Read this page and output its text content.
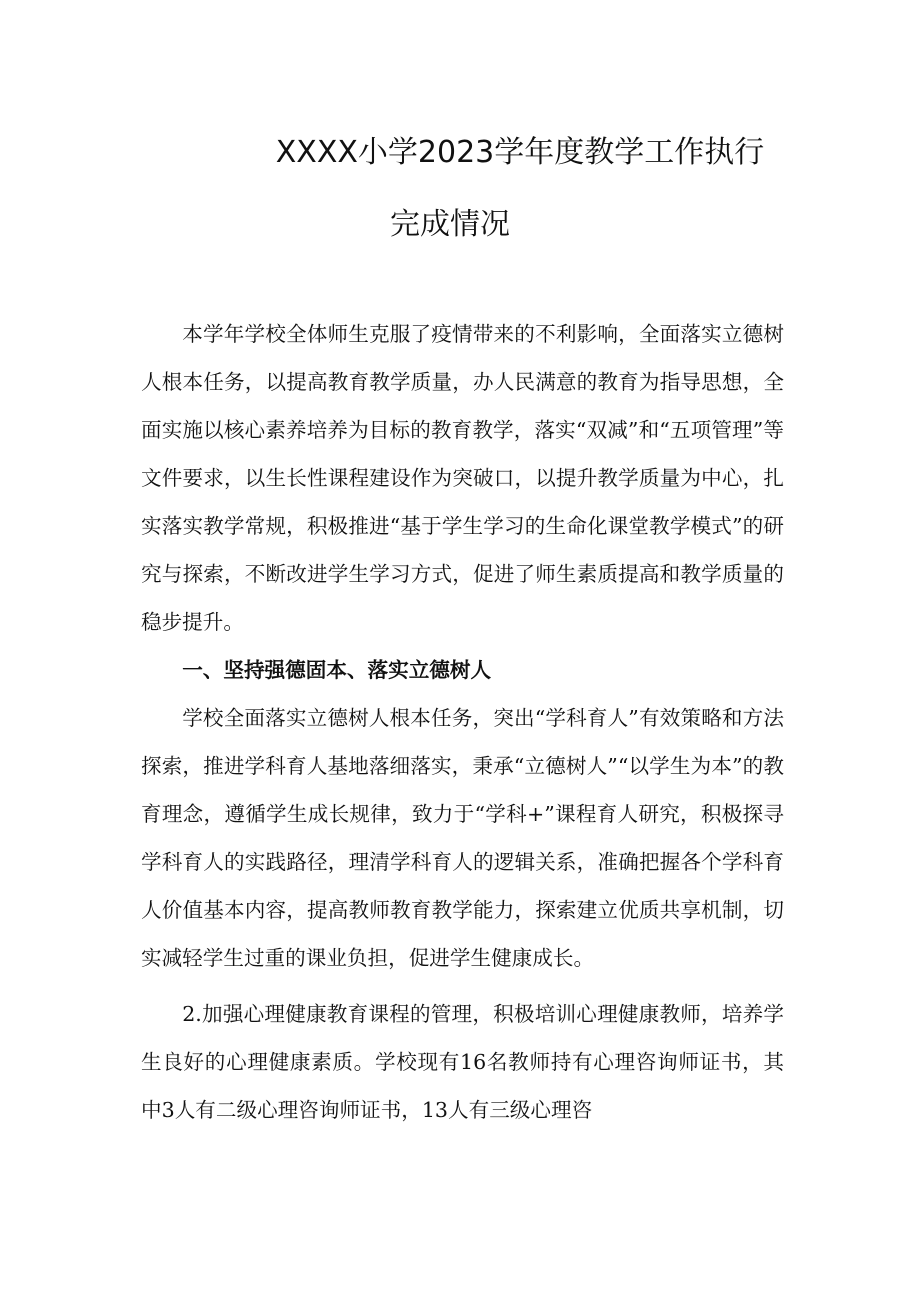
XXXX小学2023学年度教学工作执行
完成情况

本学年学校全体师生克服了疫情带来的不利影响，全面落实立德树人根本任务，以提高教育教学质量，办人民满意的教育为指导思想，全面实施以核心素养培养为目标的教育教学，落实“双减”和“五项管理”等文件要求，以生长性课程建设作为突破口，以提升教学质量为中心，扎实落实教学常规，积极推进“基于学生学习的生命化课堂教学模式”的研究与探索，不断改进学生学习方式，促进了师生素质提高和教学质量的稳步提升。

一、坚持强德固本、落实立德树人

学校全面落实立德树人根本任务，突出“学科育人”有效策略和方法探索，推进学科育人基地落细落实，秉承“立德树人”“以学生为本”的教育理念，遵循学生成长规律，致力于“学科+”课程育人研究，积极探寻学科育人的实践路径，理清学科育人的逻辑关系，准确把握各个学科育人价值基本内容，提高教师教育教学能力，探索建立优质共享机制，切实减轻学生过重的课业负担，促进学生健康成长。

2.加强心理健康教育课程的管理，积极培训心理健康教师，培养学生良好的心理健康素质。学校现有16名教师持有心理咨询师证书，其中3人有二级心理咨询师证书，13人有三级心理咨
